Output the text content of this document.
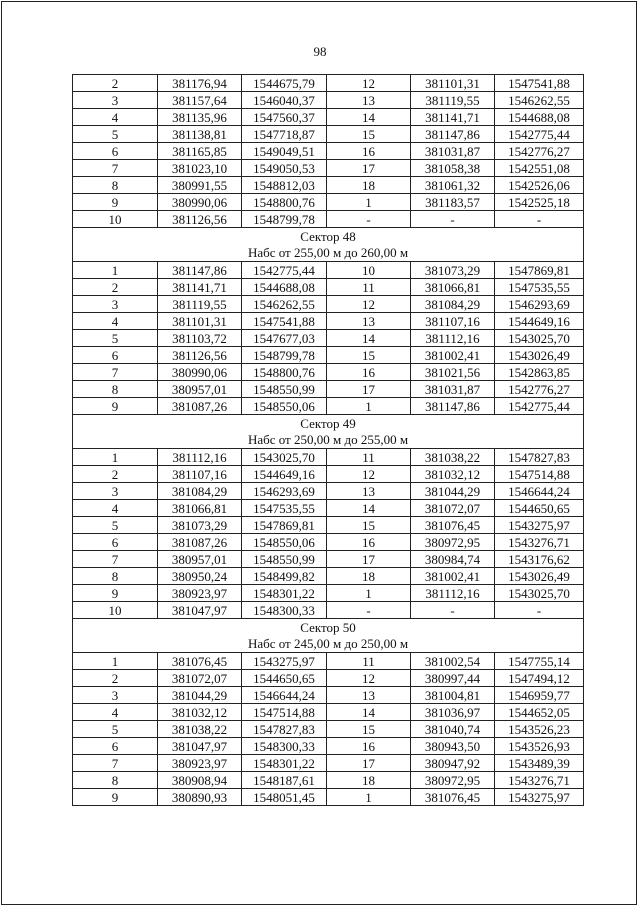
98
2	381176,94	1544675,79	12	381101,31	1547541,88
3	381157,64	1546040,37	13	381119,55	1546262,55
4	381135,96	1547560,37	14	381141,71	1544688,08
5	381138,81	1547718,87	15	381147,86	1542775,44
6	381165,85	1549049,51	16	381031,87	1542776,27
7	381023,10	1549050,53	17	381058,38	1542551,08
8	380991,55	1548812,03	18	381061,32	1542526,06
9	380990,06	1548800,76	1	381183,57	1542525,18
10	381126,56	1548799,78	-	-	-
Сектор 48					
Набс от 255,00 м до 260,00 м					
1	381147,86	1542775,44	10	381073,29	1547869,81
2	381141,71	1544688,08	11	381066,81	1547535,55
3	381119,55	1546262,55	12	381084,29	1546293,69
4	381101,31	1547541,88	13	381107,16	1544649,16
5	381103,72	1547677,03	14	381112,16	1543025,70
6	381126,56	1548799,78	15	381002,41	1543026,49
7	380990,06	1548800,76	16	381021,56	1542863,85
8	380957,01	1548550,99	17	381031,87	1542776,27
9	381087,26	1548550,06	1	381147,86	1542775,44
Сектор 49					
Набс от 250,00 м до 255,00 м					
1	381112,16	1543025,70	11	381038,22	1547827,83
2	381107,16	1544649,16	12	381032,12	1547514,88
3	381084,29	1546293,69	13	381044,29	1546644,24
4	381066,81	1547535,55	14	381072,07	1544650,65
5	381073,29	1547869,81	15	381076,45	1543275,97
6	381087,26	1548550,06	16	380972,95	1543276,71
7	380957,01	1548550,99	17	380984,74	1543176,62
8	380950,24	1548499,82	18	381002,41	1543026,49
9	380923,97	1548301,22	1	381112,16	1543025,70
10	381047,97	1548300,33	-	-	-
Сектор 50					
Набс от 245,00 м до 250,00 м					
1	381076,45	1543275,97	11	381002,54	1547755,14
2	381072,07	1544650,65	12	380997,44	1547494,12
3	381044,29	1546644,24	13	381004,81	1546959,77
4	381032,12	1547514,88	14	381036,97	1544652,05
5	381038,22	1547827,83	15	381040,74	1543526,23
6	381047,97	1548300,33	16	380943,50	1543526,93
7	380923,97	1548301,22	17	380947,92	1543489,39
8	380908,94	1548187,61	18	380972,95	1543276,71
9	380890,93	1548051,45	1	381076,45	1543275,97
